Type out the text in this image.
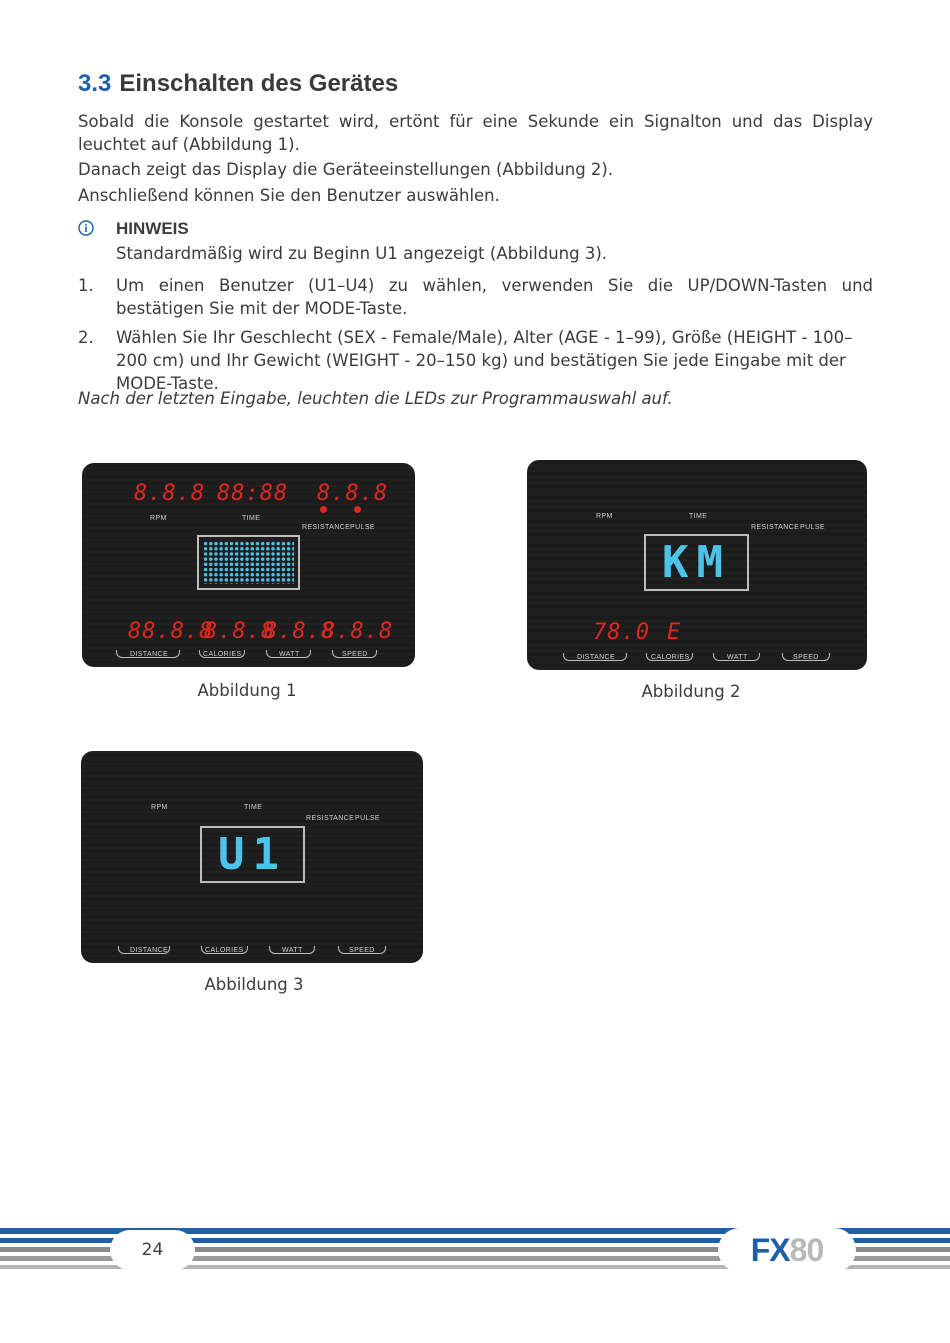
3.3 Einschalten des Gerätes

Sobald die Konsole gestartet wird, ertönt für eine Sekunde ein Signalton und das Display leuchtet auf (Abbildung 1).

Danach zeigt das Display die Geräteeinstellungen (Abbildung 2).

Anschließend können Sie den Benutzer auswählen.

HINWEIS

Standardmäßig wird zu Beginn U1 angezeigt (Abbildung 3).

1. Um einen Benutzer (U1–U4) zu wählen, verwenden Sie die UP/DOWN-Tasten und bestätigen Sie mit der MODE-Taste.

2. Wählen Sie Ihr Geschlecht (SEX - Female/Male), Alter (AGE - 1–99), Größe (HEIGHT - 100–200 cm) und Ihr Gewicht (WEIGHT - 20–150 kg) und bestätigen Sie jede Eingabe mit der MODE-Taste.

Nach der letzten Eingabe, leuchten die LEDs zur Programmauswahl auf.

8.8.8 88:88 8.8.8
RPM	TIME
RESISTANCE PULSE
88.8.8
8.8.8
8.8.8
8.8.8
DISTANCE	CALORIES	WATT	SPEED

Abbildung 1

RPM	TIME
RESISTANCE PULSE
KM
78.0 E
DISTANCE	CALORIES	WATT	SPEED

Abbildung 2

RPM	TIME
RESISTANCE PULSE
U1
DISTANCE	CALORIES	WATT	SPEED

Abbildung 3

24	FX 80
